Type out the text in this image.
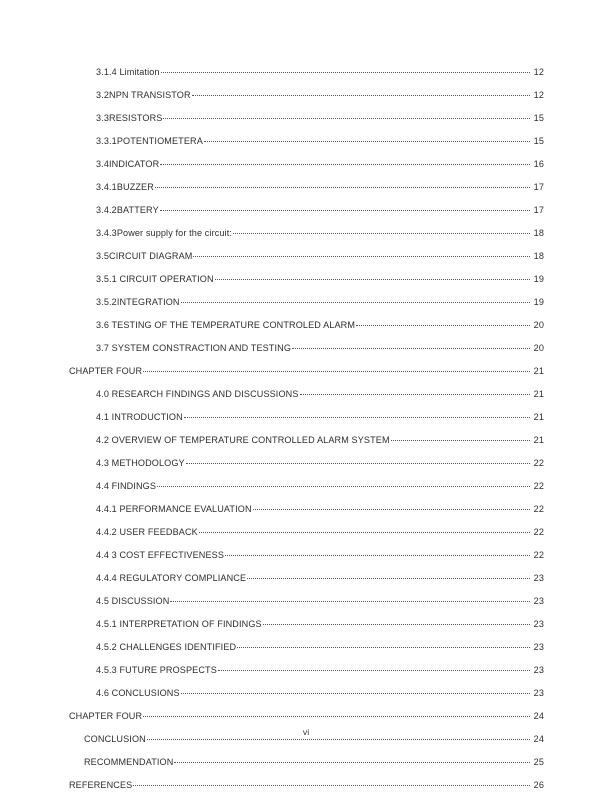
3.1.4 Limitation	12
3.2NPN TRANSISTOR	12
3.3RESISTORS	15
3.3.1POTENTIOMETERA	15
3.4INDICATOR	16
3.4.1BUZZER	17
3.4.2BATTERY	17
3.4.3Power supply for the circuit:	18
3.5CIRCUIT DIAGRAM	18
3.5.1 CIRCUIT OPERATION	19
3.5.2INTEGRATION	19
3.6 TESTING OF THE TEMPERATURE CONTROLED ALARM	20
3.7 SYSTEM CONSTRACTION AND TESTING	20
CHAPTER FOUR	21
4.0 RESEARCH FINDINGS AND DISCUSSIONS	21
4.1 INTRODUCTION	21
4.2 OVERVIEW OF TEMPERATURE CONTROLLED ALARM SYSTEM	21
4.3 METHODOLOGY	22
4.4 FINDINGS	22
4.4.1 PERFORMANCE EVALUATION	22
4.4.2 USER FEEDBACK	22
4.4 3 COST EFFECTIVENESS	22
4.4.4 REGULATORY COMPLIANCE	23
4.5 DISCUSSION	23
4.5.1 INTERPRETATION OF FINDINGS	23
4.5.2 CHALLENGES IDENTIFIED	23
4.5.3 FUTURE PROSPECTS	23
4.6 CONCLUSIONS	23
CHAPTER FOUR	24
CONCLUSION	24
RECOMMENDATION	25
REFERENCES	26
vi
